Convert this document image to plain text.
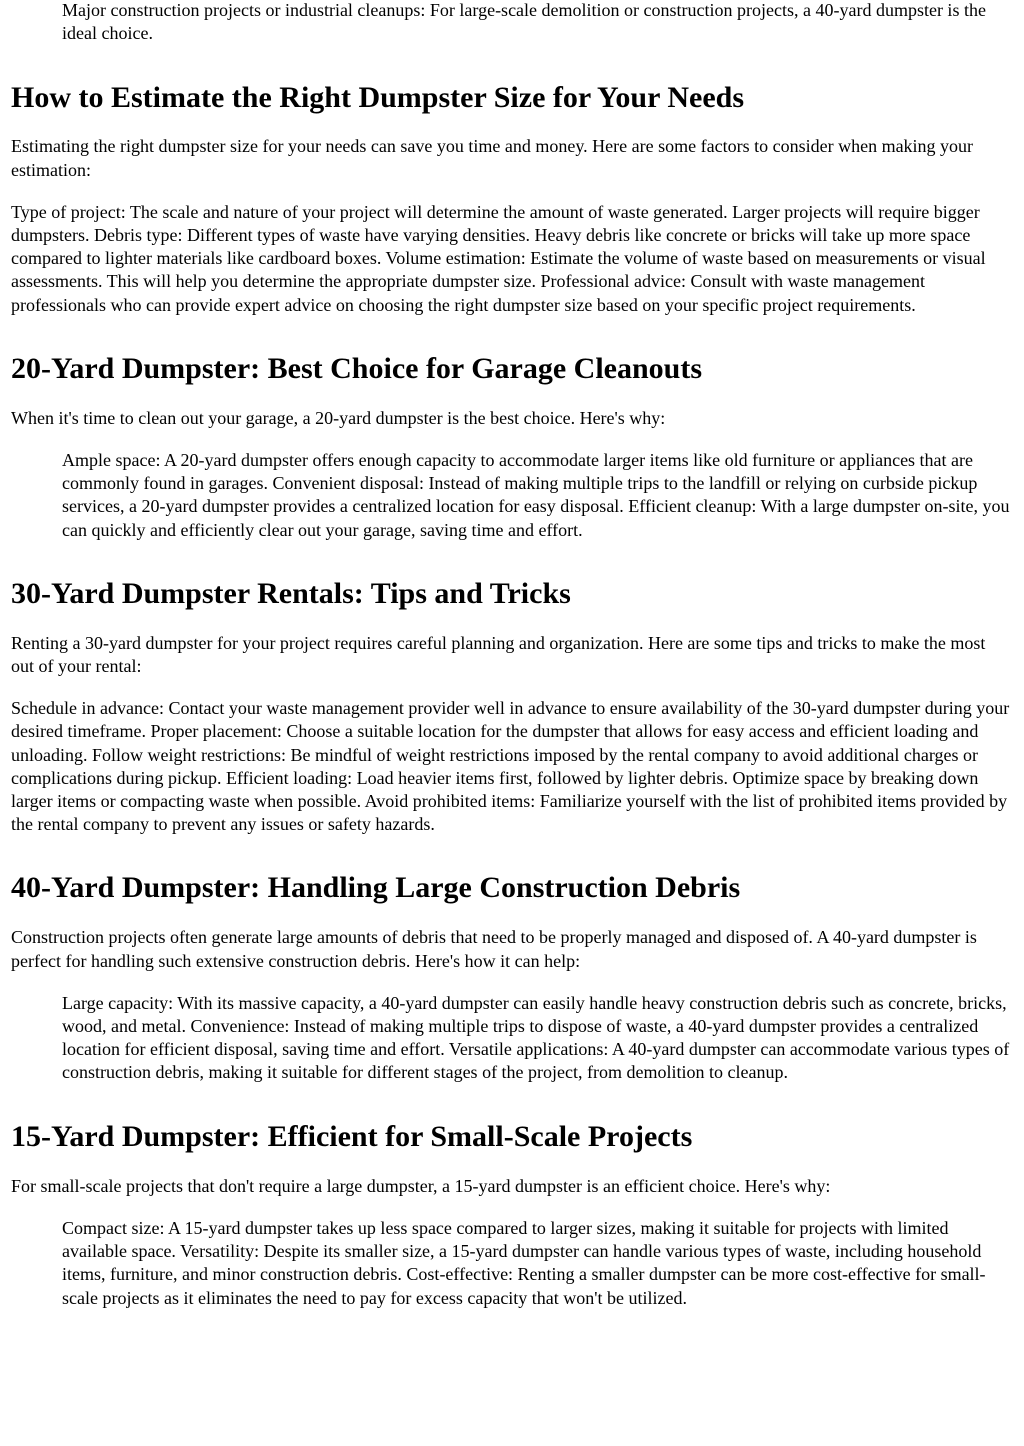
Major construction projects or industrial cleanups: For large-scale demolition or construction projects, a 40-yard dumpster is the ideal choice.

How to Estimate the Right Dumpster Size for Your Needs

Estimating the right dumpster size for your needs can save you time and money. Here are some factors to consider when making your estimation:

Type of project: The scale and nature of your project will determine the amount of waste generated. Larger projects will require bigger dumpsters. Debris type: Different types of waste have varying densities. Heavy debris like concrete or bricks will take up more space compared to lighter materials like cardboard boxes. Volume estimation: Estimate the volume of waste based on measurements or visual assessments. This will help you determine the appropriate dumpster size. Professional advice: Consult with waste management professionals who can provide expert advice on choosing the right dumpster size based on your specific project requirements.

20-Yard Dumpster: Best Choice for Garage Cleanouts

When it's time to clean out your garage, a 20-yard dumpster is the best choice. Here's why:

Ample space: A 20-yard dumpster offers enough capacity to accommodate larger items like old furniture or appliances that are commonly found in garages. Convenient disposal: Instead of making multiple trips to the landfill or relying on curbside pickup services, a 20-yard dumpster provides a centralized location for easy disposal. Efficient cleanup: With a large dumpster on-site, you can quickly and efficiently clear out your garage, saving time and effort.

30-Yard Dumpster Rentals: Tips and Tricks

Renting a 30-yard dumpster for your project requires careful planning and organization. Here are some tips and tricks to make the most out of your rental:

Schedule in advance: Contact your waste management provider well in advance to ensure availability of the 30-yard dumpster during your desired timeframe. Proper placement: Choose a suitable location for the dumpster that allows for easy access and efficient loading and unloading. Follow weight restrictions: Be mindful of weight restrictions imposed by the rental company to avoid additional charges or complications during pickup. Efficient loading: Load heavier items first, followed by lighter debris. Optimize space by breaking down larger items or compacting waste when possible. Avoid prohibited items: Familiarize yourself with the list of prohibited items provided by the rental company to prevent any issues or safety hazards.

40-Yard Dumpster: Handling Large Construction Debris

Construction projects often generate large amounts of debris that need to be properly managed and disposed of. A 40-yard dumpster is perfect for handling such extensive construction debris. Here's how it can help:

Large capacity: With its massive capacity, a 40-yard dumpster can easily handle heavy construction debris such as concrete, bricks, wood, and metal. Convenience: Instead of making multiple trips to dispose of waste, a 40-yard dumpster provides a centralized location for efficient disposal, saving time and effort. Versatile applications: A 40-yard dumpster can accommodate various types of construction debris, making it suitable for different stages of the project, from demolition to cleanup.

15-Yard Dumpster: Efficient for Small-Scale Projects

For small-scale projects that don't require a large dumpster, a 15-yard dumpster is an efficient choice. Here's why:

Compact size: A 15-yard dumpster takes up less space compared to larger sizes, making it suitable for projects with limited available space. Versatility: Despite its smaller size, a 15-yard dumpster can handle various types of waste, including household items, furniture, and minor construction debris. Cost-effective: Renting a smaller dumpster can be more cost-effective for small-scale projects as it eliminates the need to pay for excess capacity that won't be utilized.
